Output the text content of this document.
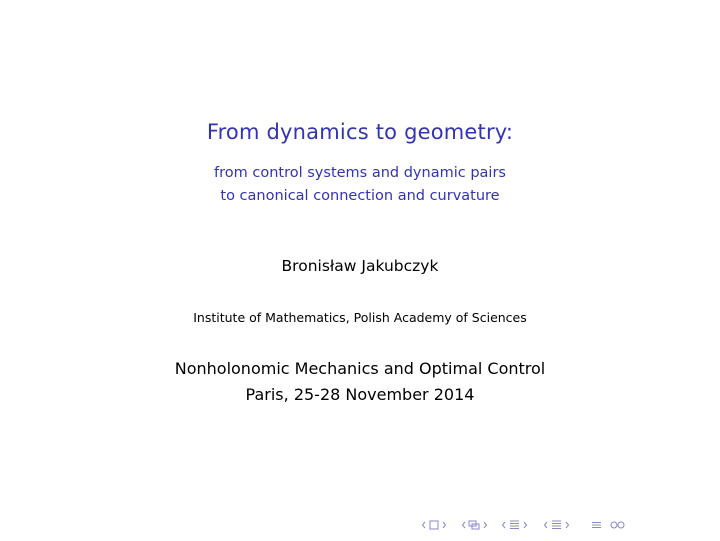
From dynamics to geometry:
from control systems and dynamic pairs
to canonical connection and curvature
Bronisław Jakubczyk
Institute of Mathematics, Polish Academy of Sciences
Nonholonomic Mechanics and Optimal Control
Paris, 25-28 November 2014
